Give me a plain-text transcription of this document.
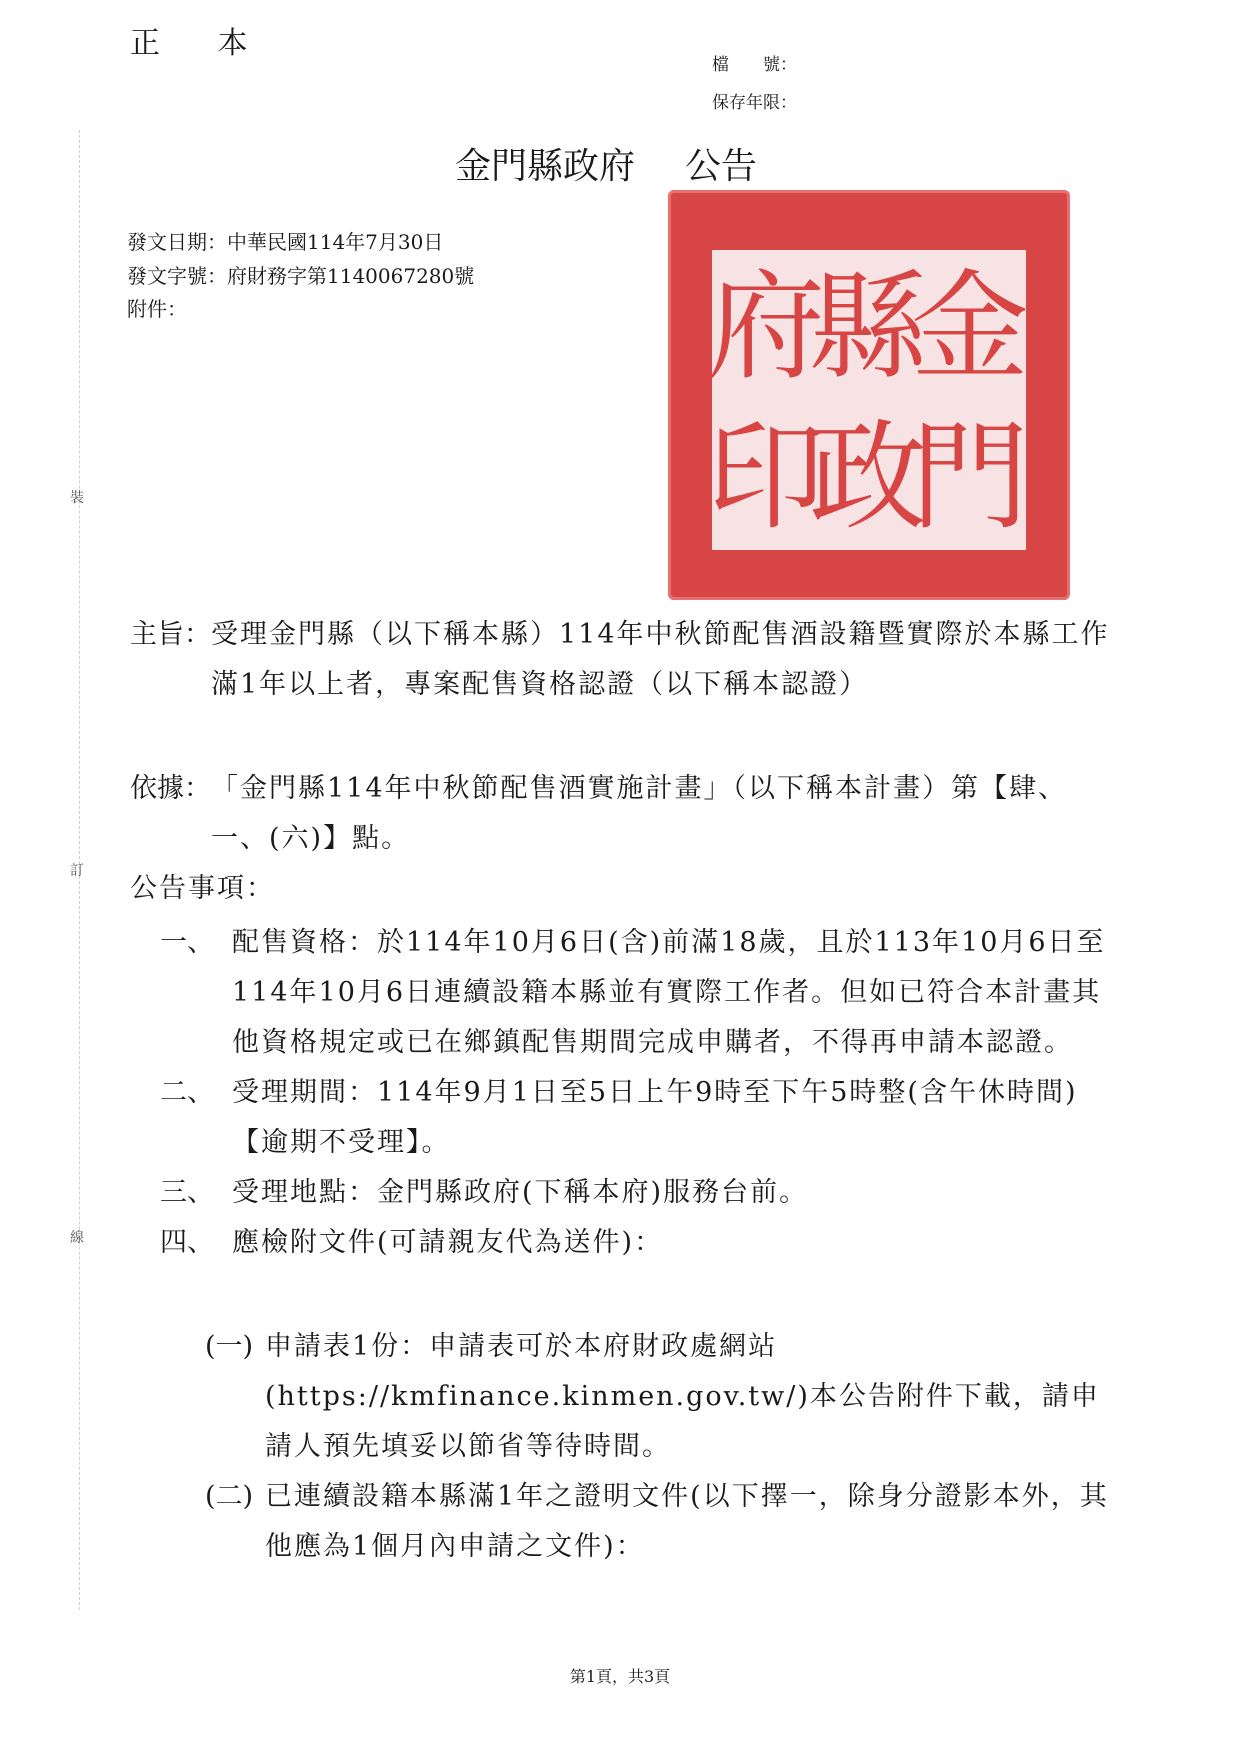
正 本
檔　　號：
保存年限：
金門縣政府 公告
發文日期：中華民國114年7月30日
發文字號：府財務字第1140067280號
附件：
裝
訂
線
金
門
縣
政
府
印
主旨： 受理金門縣（以下稱本縣）114年中秋節配售酒設籍暨實際於本縣工作滿1年以上者，專案配售資格認證（以下稱本認證）
依據： 「金門縣114年中秋節配售酒實施計畫」（以下稱本計畫）第【肆、一、(六)】點。
公告事項：
一、 配售資格：於114年10月6日(含)前滿18歲，且於113年10月6日至114年10月6日連續設籍本縣並有實際工作者。但如已符合本計畫其他資格規定或已在鄉鎮配售期間完成申購者，不得再申請本認證。
二、 受理期間：114年9月1日至5日上午9時至下午5時整(含午休時間)【逾期不受理】。
三、 受理地點：金門縣政府(下稱本府)服務台前。
四、 應檢附文件(可請親友代為送件)：
(一) 申請表1份：申請表可於本府財政處網站(https://kmfinance.kinmen.gov.tw/)本公告附件下載，請申請人預先填妥以節省等待時間。
(二) 已連續設籍本縣滿1年之證明文件(以下擇一，除身分證影本外，其他應為1個月內申請之文件)：
第1頁，共3頁
